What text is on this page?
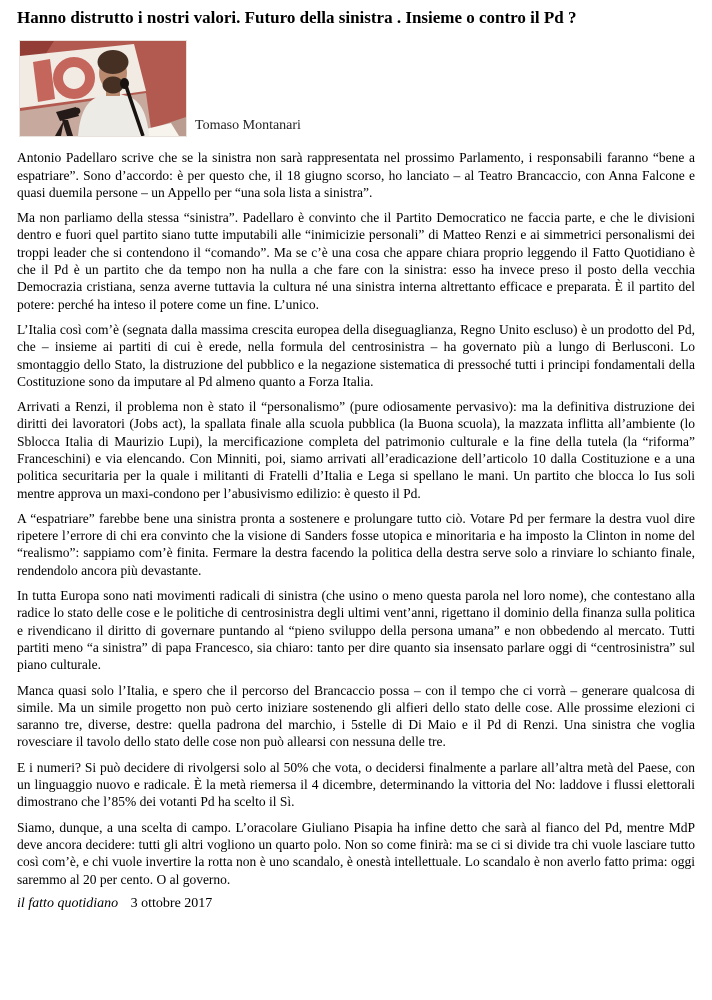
Hanno distrutto i nostri valori. Futuro della sinistra . Insieme o contro il Pd ?
Tomaso Montanari

Antonio Padellaro scrive che se la sinistra non sarà rappresentata nel prossimo Parlamento, i responsabili faranno “bene a espatriare”. Sono d’accordo: è per questo che, il 18 giugno scorso, ho lanciato – al Teatro Brancaccio, con Anna Falcone e quasi duemila persone – un Appello per “una sola lista a sinistra”.

Ma non parliamo della stessa “sinistra”. Padellaro è convinto che il Partito Democratico ne faccia parte, e che le divisioni dentro e fuori quel partito siano tutte imputabili alle “inimicizie personali” di Matteo Renzi e ai simmetrici personalismi dei troppi leader che si contendono il “comando”. Ma se c’è una cosa che appare chiara proprio leggendo il Fatto Quotidiano è che il Pd è un partito che da tempo non ha nulla a che fare con la sinistra: esso ha invece preso il posto della vecchia Democrazia cristiana, senza averne tuttavia la cultura né una sinistra interna altrettanto efficace e preparata. È il partito del potere: perché ha inteso il potere come un fine. L’unico.

L’Italia così com’è (segnata dalla massima crescita europea della diseguaglianza, Regno Unito escluso) è un prodotto del Pd, che – insieme ai partiti di cui è erede, nella formula del centrosinistra – ha governato più a lungo di Berlusconi. Lo smontaggio dello Stato, la distruzione del pubblico e la negazione sistematica di pressoché tutti i principi fondamentali della Costituzione sono da imputare al Pd almeno quanto a Forza Italia.

Arrivati a Renzi, il problema non è stato il “personalismo” (pure odiosamente pervasivo): ma la definitiva distruzione dei diritti dei lavoratori (Jobs act), la spallata finale alla scuola pubblica (la Buona scuola), la mazzata inflitta all’ambiente (lo Sblocca Italia di Maurizio Lupi), la mercificazione completa del patrimonio culturale e la fine della tutela (la “riforma” Franceschini) e via elencando. Con Minniti, poi, siamo arrivati all’eradicazione dell’articolo 10 dalla Costituzione e a una politica securitaria per la quale i militanti di Fratelli d’Italia e Lega si spellano le mani. Un partito che blocca lo Ius soli mentre approva un maxi-condono per l’abusivismo edilizio: è questo il Pd.

A “espatriare” farebbe bene una sinistra pronta a sostenere e prolungare tutto ciò. Votare Pd per fermare la destra vuol dire ripetere l’errore di chi era convinto che la visione di Sanders fosse utopica e minoritaria e ha imposto la Clinton in nome del “realismo”: sappiamo com’è finita. Fermare la destra facendo la politica della destra serve solo a rinviare lo schianto finale, rendendolo ancora più devastante.

In tutta Europa sono nati movimenti radicali di sinistra (che usino o meno questa parola nel loro nome), che contestano alla radice lo stato delle cose e le politiche di centrosinistra degli ultimi vent’anni, rigettano il dominio della finanza sulla politica e rivendicano il diritto di governare puntando al “pieno sviluppo della persona umana” e non obbedendo al mercato. Tutti partiti meno “a sinistra” di papa Francesco, sia chiaro: tanto per dire quanto sia insensato parlare oggi di “centrosinistra” sul piano culturale.

Manca quasi solo l’Italia, e spero che il percorso del Brancaccio possa – con il tempo che ci vorrà – generare qualcosa di simile. Ma un simile progetto non può certo iniziare sostenendo gli alfieri dello stato delle cose. Alle prossime elezioni ci saranno tre, diverse, destre: quella padrona del marchio, i 5stelle di Di Maio e il Pd di Renzi. Una sinistra che voglia rovesciare il tavolo dello stato delle cose non può allearsi con nessuna delle tre.

E i numeri? Si può decidere di rivolgersi solo al 50% che vota, o decidersi finalmente a parlare all’altra metà del Paese, con un linguaggio nuovo e radicale. È la metà riemersa il 4 dicembre, determinando la vittoria del No: laddove i flussi elettorali dimostrano che l’85% dei votanti Pd ha scelto il Sì.

Siamo, dunque, a una scelta di campo. L’oracolare Giuliano Pisapia ha infine detto che sarà al fianco del Pd, mentre MdP deve ancora decidere: tutti gli altri vogliono un quarto polo. Non so come finirà: ma se ci si divide tra chi vuole lasciare tutto così com’è, e chi vuole invertire la rotta non è uno scandalo, è onestà intellettuale. Lo scandalo è non averlo fatto prima: oggi saremmo al 20 per cento. O al governo.

il fatto quotidiano 3 ottobre 2017
